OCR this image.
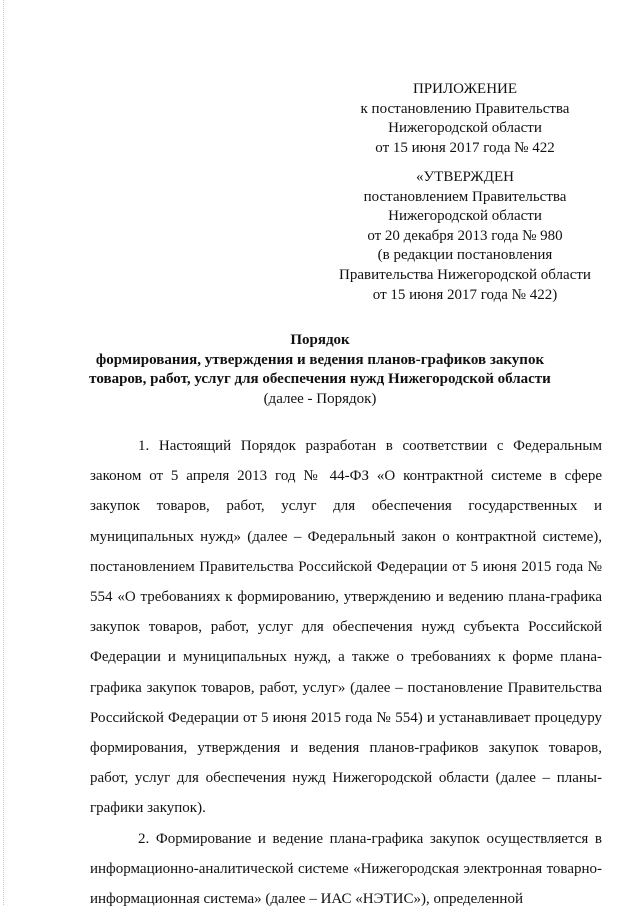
ПРИЛОЖЕНИЕ
к постановлению Правительства
Нижегородской области
от 15 июня 2017 года № 422
«УТВЕРЖДЕН
постановлением Правительства
Нижегородской области
от 20 декабря 2013 года № 980
(в редакции постановления
Правительства Нижегородской области
от 15 июня 2017 года № 422)
Порядок
формирования, утверждения и ведения планов-графиков закупок
товаров, работ, услуг для обеспечения нужд Нижегородской области
(далее - Порядок)

1. Настоящий Порядок разработан в соответствии с Федеральным законом от 5 апреля 2013 год № 44-ФЗ «О контрактной системе в сфере закупок товаров, работ, услуг для обеспечения государственных и муниципальных нужд» (далее – Федеральный закон о контрактной системе), постановлением Правительства Российской Федерации от 5 июня 2015 года № 554 «О требованиях к формированию, утверждению и ведению плана-графика закупок товаров, работ, услуг для обеспечения нужд субъекта Российской Федерации и муниципальных нужд, а также о требованиях к форме плана-графика закупок товаров, работ, услуг» (далее – постановление Правительства Российской Федерации от 5 июня 2015 года № 554) и устанавливает процедуру формирования, утверждения и ведения планов-графиков закупок товаров, работ, услуг для обеспечения нужд Нижегородской области (далее – планы-графики закупок).

2. Формирование и ведение плана-графика закупок осуществляется в информационно-аналитической системе «Нижегородская электронная товарно-информационная система» (далее – ИАС «НЭТИС»), определенной
